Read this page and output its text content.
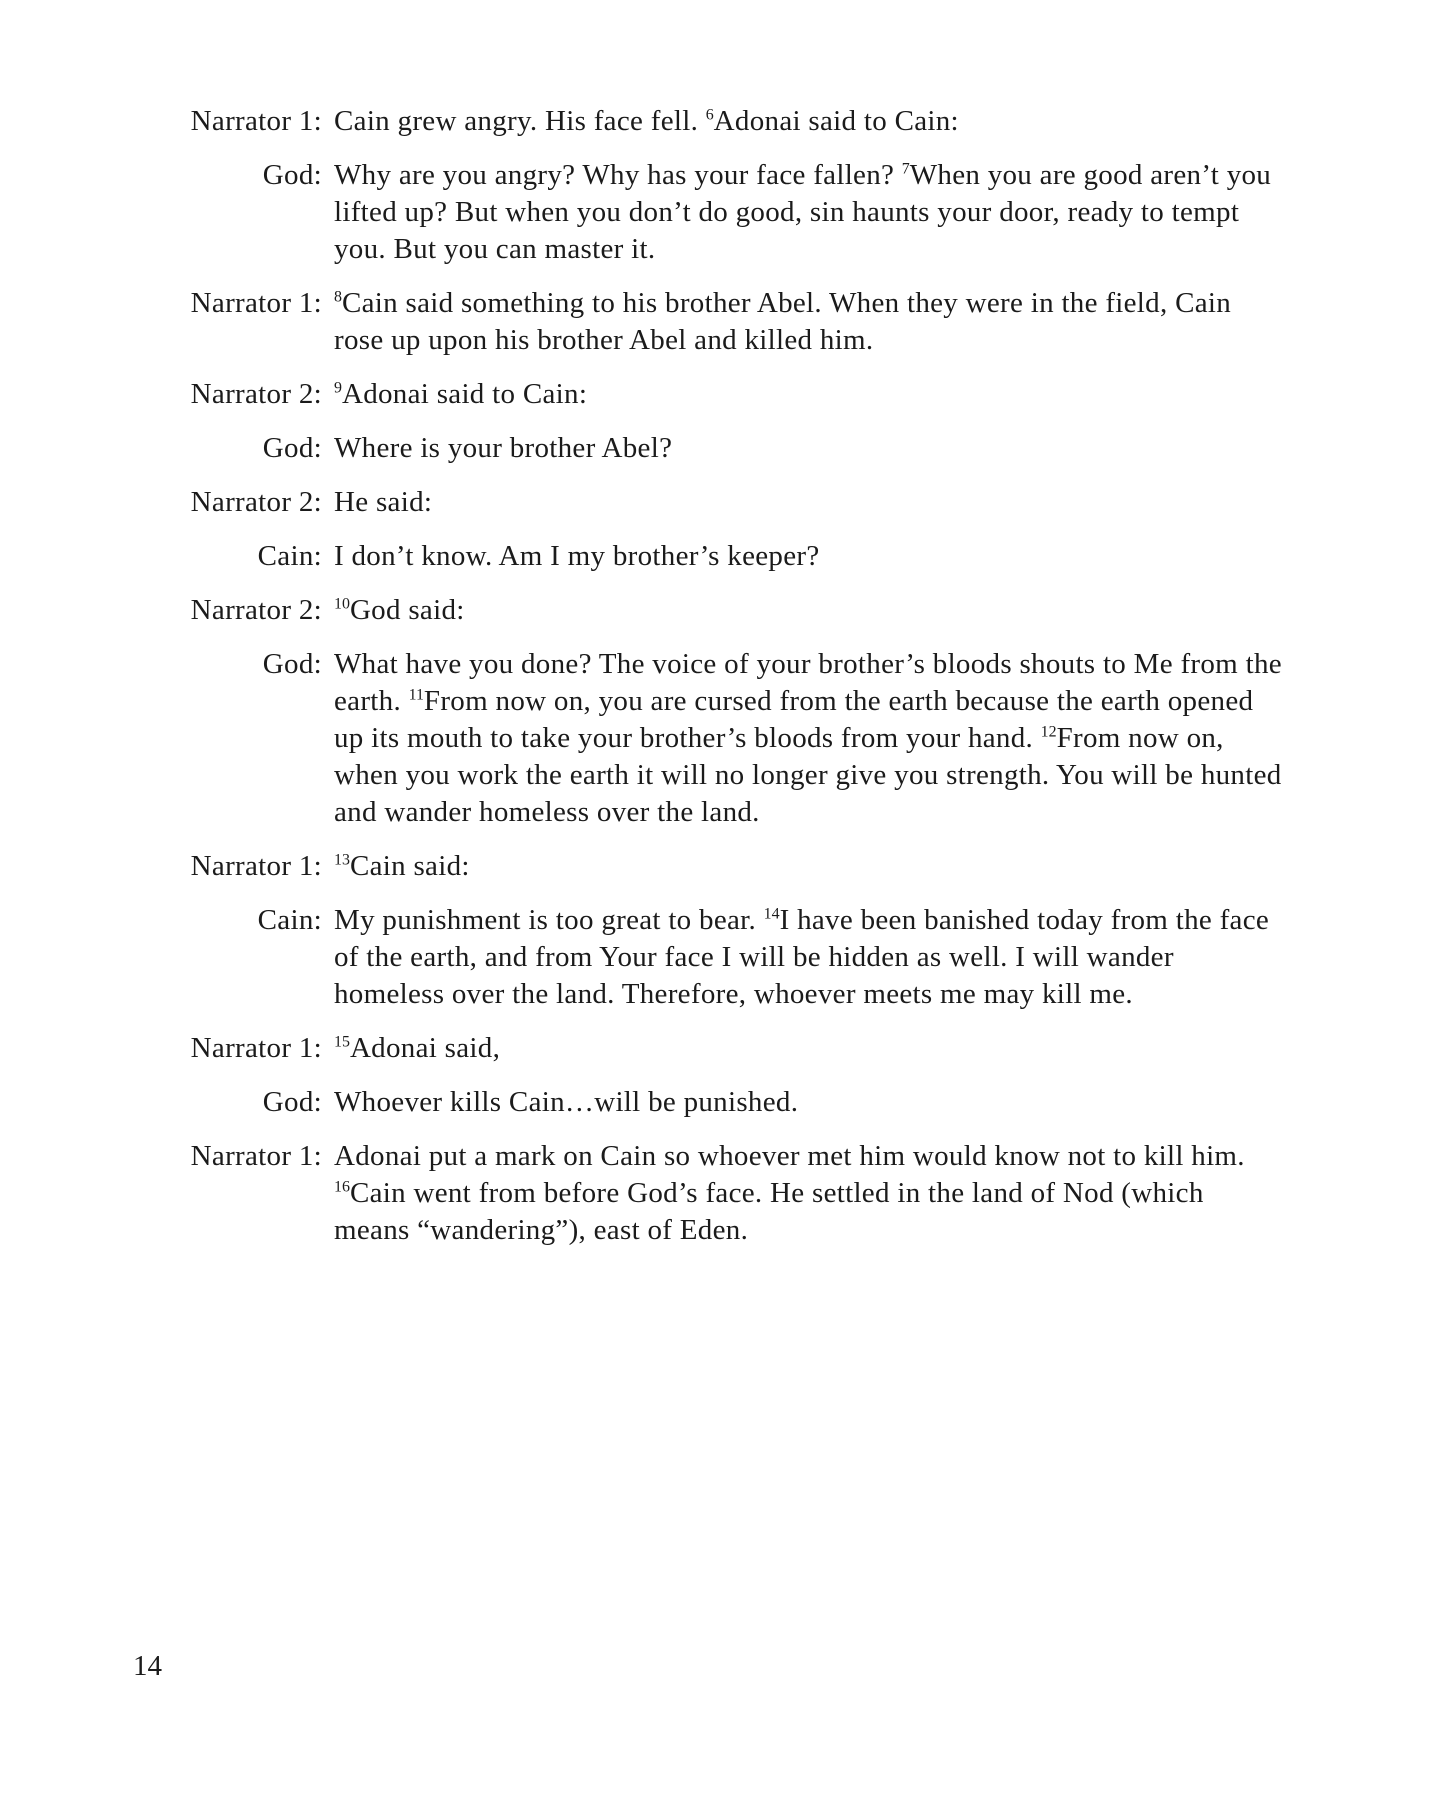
Narrator 1: Cain grew angry. His face fell. $^6$Adonai said to Cain:
God: Why are you angry? Why has your face fallen? $^7$When you are good aren’t you lifted up? But when you don’t do good, sin haunts your door, ready to tempt you. But you can master it.
Narrator 1: $^8$Cain said something to his brother Abel. When they were in the field, Cain rose up upon his brother Abel and killed him.
Narrator 2: $^9$Adonai said to Cain:
God: Where is your brother Abel?
Narrator 2: He said:
Cain: I don’t know. Am I my brother’s keeper?
Narrator 2: $^{10}$God said:
God: What have you done? The voice of your brother’s bloods shouts to Me from the earth. $^{11}$From now on, you are cursed from the earth because the earth opened up its mouth to take your brother’s bloods from your hand. $^{12}$From now on, when you work the earth it will no longer give you strength. You will be hunted and wander homeless over the land.
Narrator 1: $^{13}$Cain said:
Cain: My punishment is too great to bear. $^{14}$I have been banished today from the face of the earth, and from Your face I will be hidden as well. I will wander homeless over the land. Therefore, whoever meets me may kill me.
Narrator 1: $^{15}$Adonai said,
God: Whoever kills Cain…will be punished.
Narrator 1: Adonai put a mark on Cain so whoever met him would know not to kill him. $^{16}$Cain went from before God’s face. He settled in the land of Nod (which means “wandering”), east of Eden.
14
